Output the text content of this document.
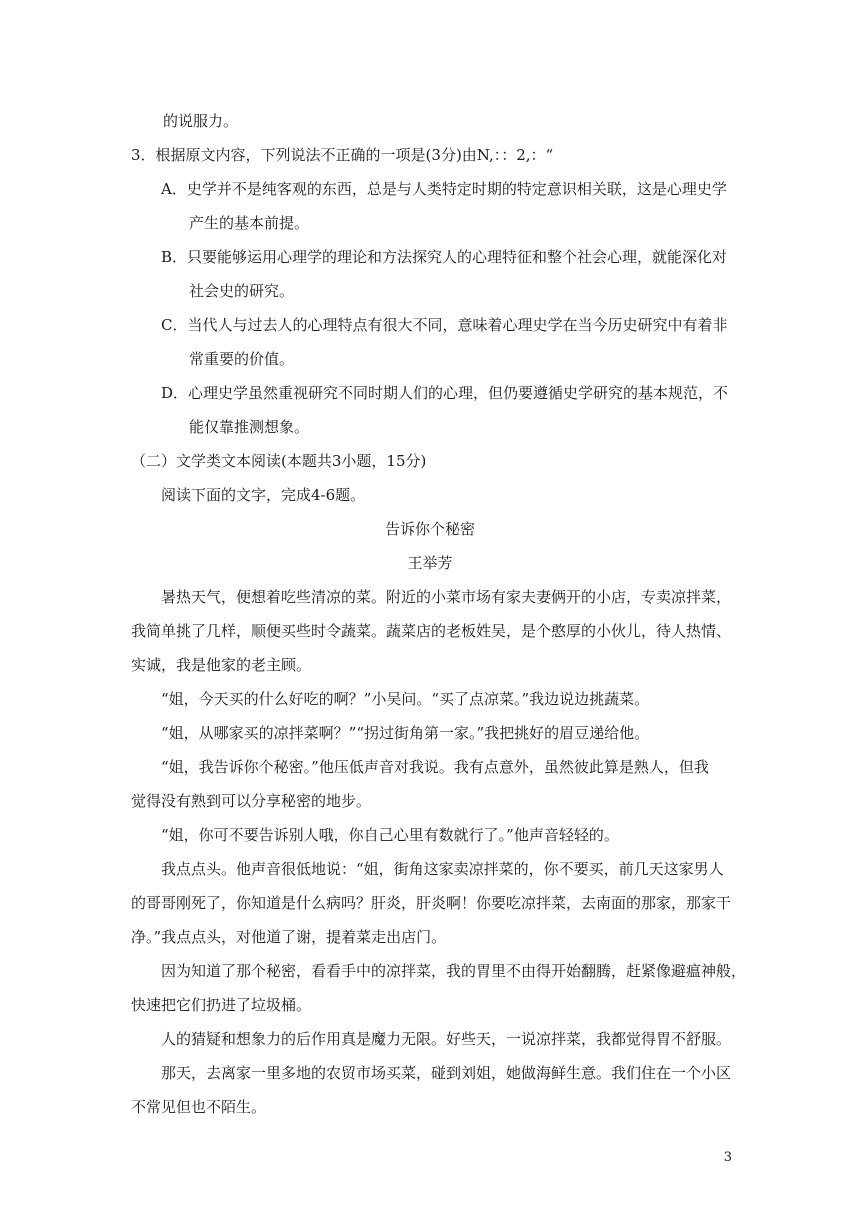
的说服力。
3．根据原文内容，下列说法不正确的一项是(3分)由N,：：2,：“
A．史学并不是纯客观的东西，总是与人类特定时期的特定意识相关联，这是心理史学
产生的基本前提。
B．只要能够运用心理学的理论和方法探究人的心理特征和整个社会心理，就能深化对
社会史的研究。
C．当代人与过去人的心理特点有很大不同，意味着心理史学在当今历史研究中有着非
常重要的价值。
D．心理史学虽然重视研究不同时期人们的心理，但仍要遵循史学研究的基本规范，不
能仅靠推测想象。
（二）文学类文本阅读(本题共3小题，15分)
阅读下面的文字，完成4-6题。
告诉你个秘密
王举芳
暑热天气，便想着吃些清凉的菜。附近的小菜市场有家夫妻俩开的小店，专卖凉拌菜，
我简单挑了几样，顺便买些时令蔬菜。蔬菜店的老板姓吴，是个憨厚的小伙儿，待人热情、
实诚，我是他家的老主顾。
“姐，今天买的什么好吃的啊？”小吴问。“买了点凉菜。”我边说边挑蔬菜。
“姐，从哪家买的凉拌菜啊？”“拐过街角第一家。”我把挑好的眉豆递给他。
“姐，我告诉你个秘密。”他压低声音对我说。我有点意外，虽然彼此算是熟人，但我
觉得没有熟到可以分享秘密的地步。
“姐，你可不要告诉别人哦，你自己心里有数就行了。”他声音轻轻的。
我点点头。他声音很低地说：“姐，街角这家卖凉拌菜的，你不要买，前几天这家男人
的哥哥刚死了，你知道是什么病吗？肝炎，肝炎啊！你要吃凉拌菜，去南面的那家，那家干
净。”我点点头，对他道了谢，提着菜走出店门。
因为知道了那个秘密，看看手中的凉拌菜，我的胃里不由得开始翻腾，赶紧像避瘟神般，
快速把它们扔进了垃圾桶。
人的猜疑和想象力的后作用真是魔力无限。好些天，一说凉拌菜，我都觉得胃不舒服。
那天，去离家一里多地的农贸市场买菜，碰到刘姐，她做海鲜生意。我们住在一个小区
不常见但也不陌生。
3
